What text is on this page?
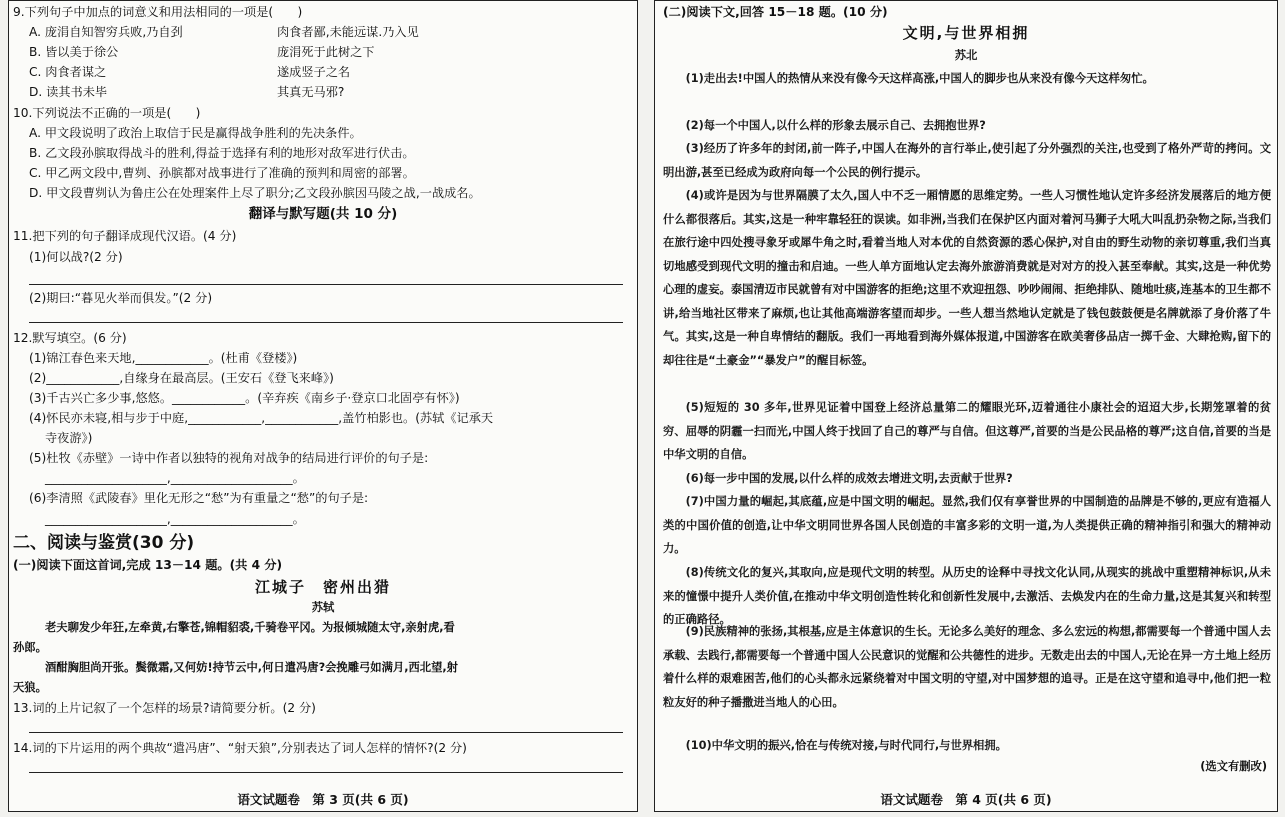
9.下列句子中加点的词意义和用法相同的一项是(　　)
A. 庞涓自知智穷兵败,乃自刭	肉食者鄙,未能远谋.乃入见
B. 皆以美于徐公	庞涓死于此树之下
C. 肉食者谋之	遂成竖子之名
D. 读其书未毕	其真无马邪?
10.下列说法不正确的一项是(　　)
A. 甲文段说明了政治上取信于民是赢得战争胜利的先决条件。
B. 乙文段孙膑取得战斗的胜利,得益于选择有利的地形对敌军进行伏击。
C. 甲乙两文段中,曹刿、孙膑都对战事进行了准确的预判和周密的部署。
D. 甲文段曹刿认为鲁庄公在处理案件上尽了职分;乙文段孙膑因马陵之战,一战成名。
翻译与默写题(共 10 分)
11.把下列的句子翻译成现代汉语。(4 分)
(1)何以战?(2 分)
(2)期曰:“暮见火举而俱发。”(2 分)
12.默写填空。(6 分)
(1)锦江春色来天地,____________。(杜甫《登楼》)
(2)____________,自缘身在最高层。(王安石《登飞来峰》)
(3)千古兴亡多少事,悠悠。____________。(辛弃疾《南乡子·登京口北固亭有怀》)
(4)怀民亦未寝,相与步于中庭,____________,____________,盖竹柏影也。(苏轼《记承天
寺夜游》)
(5)杜牧《赤壁》一诗中作者以独特的视角对战争的结局进行评价的句子是:
____________________,____________________。
(6)李清照《武陵春》里化无形之“愁”为有重量之“愁”的句子是:
____________________,____________________。
二、阅读与鉴赏(30 分)
(一)阅读下面这首词,完成 13－14 题。(共 4 分)
江城子　密州出猎
苏轼
老夫聊发少年狂,左牵黄,右擎苍,锦帽貂裘,千骑卷平冈。为报倾城随太守,亲射虎,看
孙郎。
酒酣胸胆尚开张。鬓微霜,又何妨!持节云中,何日遣冯唐?会挽雕弓如满月,西北望,射
天狼。
13.词的上片记叙了一个怎样的场景?请简要分析。(2 分)
14.词的下片运用的两个典故“遣冯唐”、“射天狼”,分别表达了词人怎样的情怀?(2 分)
语文试题卷　第 3 页(共 6 页)
(二)阅读下文,回答 15－18 题。(10 分)
文明,与世界相拥
苏北
(1)走出去!中国人的热情从来没有像今天这样高涨,中国人的脚步也从来没有像今天这样匆忙。
(2)每一个中国人,以什么样的形象去展示自己、去拥抱世界?
(3)经历了许多年的封闭,前一阵子,中国人在海外的言行举止,使引起了分外强烈的关注,也受到了格外严苛的拷问。文明出游,甚至已经成为政府向每一个公民的例行提示。
(4)或许是因为与世界隔膜了太久,国人中不乏一厢情愿的思维定势。一些人习惯性地认定许多经济发展落后的地方便什么都很落后。其实,这是一种牢靠轻狂的误读。如非洲,当我们在保护区内面对着河马狮子大吼大叫乱扔杂物之际,当我们在旅行途中四处搜寻象牙或犀牛角之时,看着当地人对本优的自然资源的悉心保护,对自由的野生动物的亲切尊重,我们当真切地感受到现代文明的撞击和启迪。一些人单方面地认定去海外旅游消费就是对对方的投入甚至奉献。其实,这是一种优势心理的虚妄。泰国清迈市民就曾有对中国游客的拒绝;这里不欢迎扭怨、吵吵闹闹、拒绝排队、随地吐痰,连基本的卫生都不讲,给当地社区带来了麻烦,也让其他高端游客望而却步。一些人想当然地认定就是了钱包鼓鼓便是名牌就添了身价落了牛气。其实,这是一种自卑情结的翻版。我们一再地看到海外媒体报道,中国游客在欧美奢侈品店一掷千金、大肆抢购,留下的却往往是“土豪金”“暴发户”的醒目标签。
(5)短短的 30 多年,世界见证着中国登上经济总量第二的耀眼光环,迈着通往小康社会的迢迢大步,长期笼罩着的贫穷、屈辱的阴霾一扫而光,中国人终于找回了自己的尊严与自信。但这尊严,首要的当是公民品格的尊严;这自信,首要的当是中华文明的自信。
(6)每一步中国的发展,以什么样的成效去增进文明,去贡献于世界?
(7)中国力量的崛起,其底蕴,应是中国文明的崛起。显然,我们仅有享誉世界的中国制造的品牌是不够的,更应有造福人类的中国价值的创造,让中华文明同世界各国人民创造的丰富多彩的文明一道,为人类提供正确的精神指引和强大的精神动力。
(8)传统文化的复兴,其取向,应是现代文明的转型。从历史的诠释中寻找文化认同,从现实的挑战中重塑精神标识,从未来的憧憬中提升人类价值,在推动中华文明创造性转化和创新性发展中,去激活、去焕发内在的生命力量,这是其复兴和转型的正确路径。
(9)民族精神的张扬,其根基,应是主体意识的生长。无论多么美好的理念、多么宏远的构想,都需要每一个普通中国人去承载、去践行,都需要每一个普通中国人公民意识的觉醒和公共德性的进步。无数走出去的中国人,无论在异一方土地上经历着什么样的艰难困苦,他们的心头都永远紧绕着对中国文明的守望,对中国梦想的追寻。正是在这守望和追寻中,他们把一粒粒友好的种子播撒进当地人的心田。
(10)中华文明的振兴,恰在与传统对接,与时代同行,与世界相拥。
(选文有删改)
语文试题卷　第 4 页(共 6 页)
